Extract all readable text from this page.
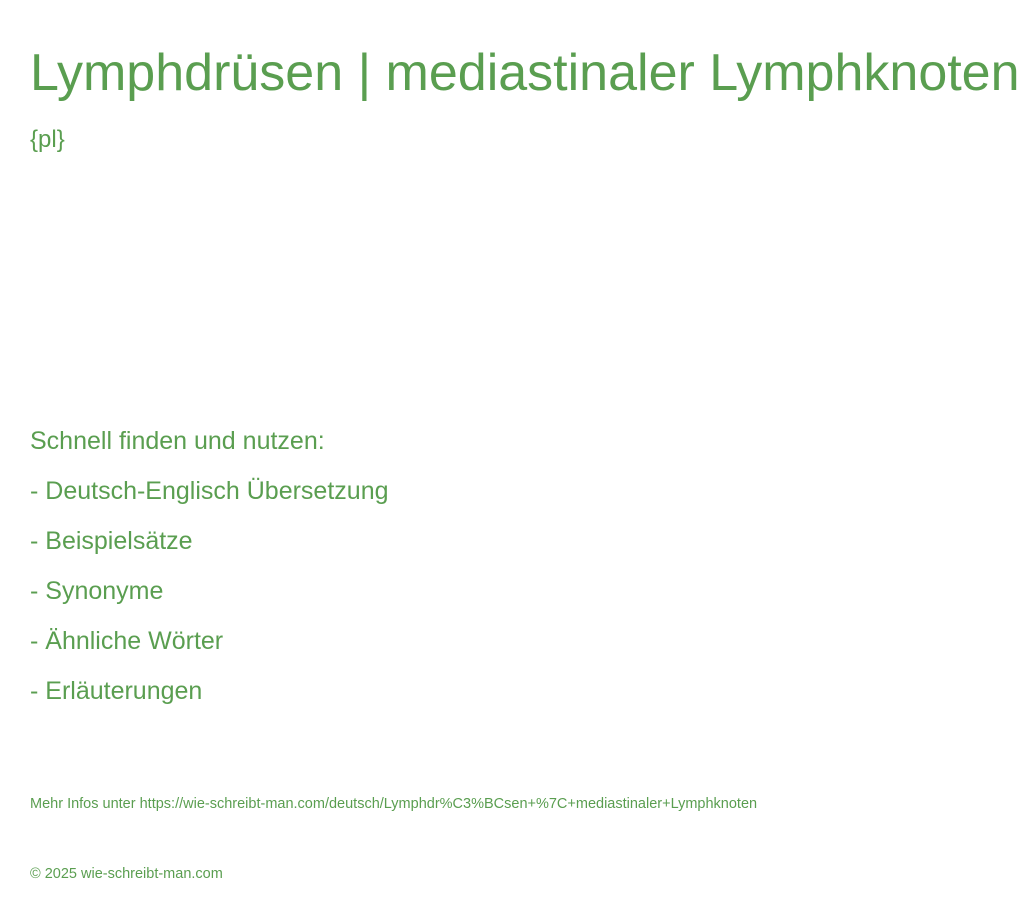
Lymphdrüsen | mediastinaler Lymphknoten
{pl}
Schnell finden und nutzen:
- Deutsch-Englisch Übersetzung
- Beispielsätze
- Synonyme
- Ähnliche Wörter
- Erläuterungen
Mehr Infos unter https://wie-schreibt-man.com/deutsch/Lymphdr%C3%BCsen+%7C+mediastinaler+Lymphknoten
© 2025 wie-schreibt-man.com
